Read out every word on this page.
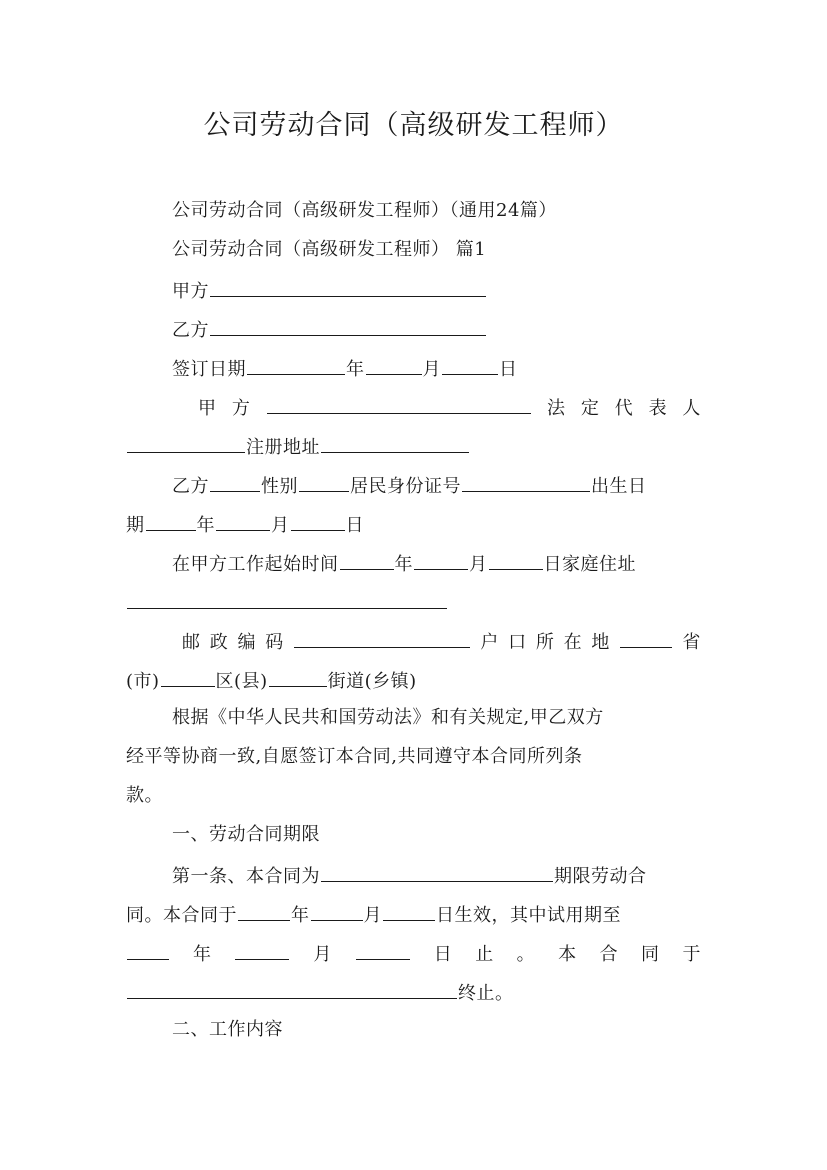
公司劳动合同（高级研发工程师）
公司劳动合同（高级研发工程师）（通用24篇）
公司劳动合同（高级研发工程师） 篇1
甲方
乙方
签订日期	年	月	日
甲 方	法 定 代 表 人
注册地址
乙方	性别	居民身份证号	出生日
期	年	月	日
在甲方工作起始时间	年	月	日家庭住址
邮 政 编 码	户 口 所 在 地	省
(市)	区(县)	街道(乡镇)
根据《中华人民共和国劳动法》和有关规定,甲乙双方
经平等协商一致,自愿签订本合同,共同遵守本合同所列条
款。
一、劳动合同期限
第一条、本合同为	期限劳动合
同。本合同于	年	月	日生效，其中试用期至
年	月	日 止 。 本 合 同 于
终止。
二、工作内容
